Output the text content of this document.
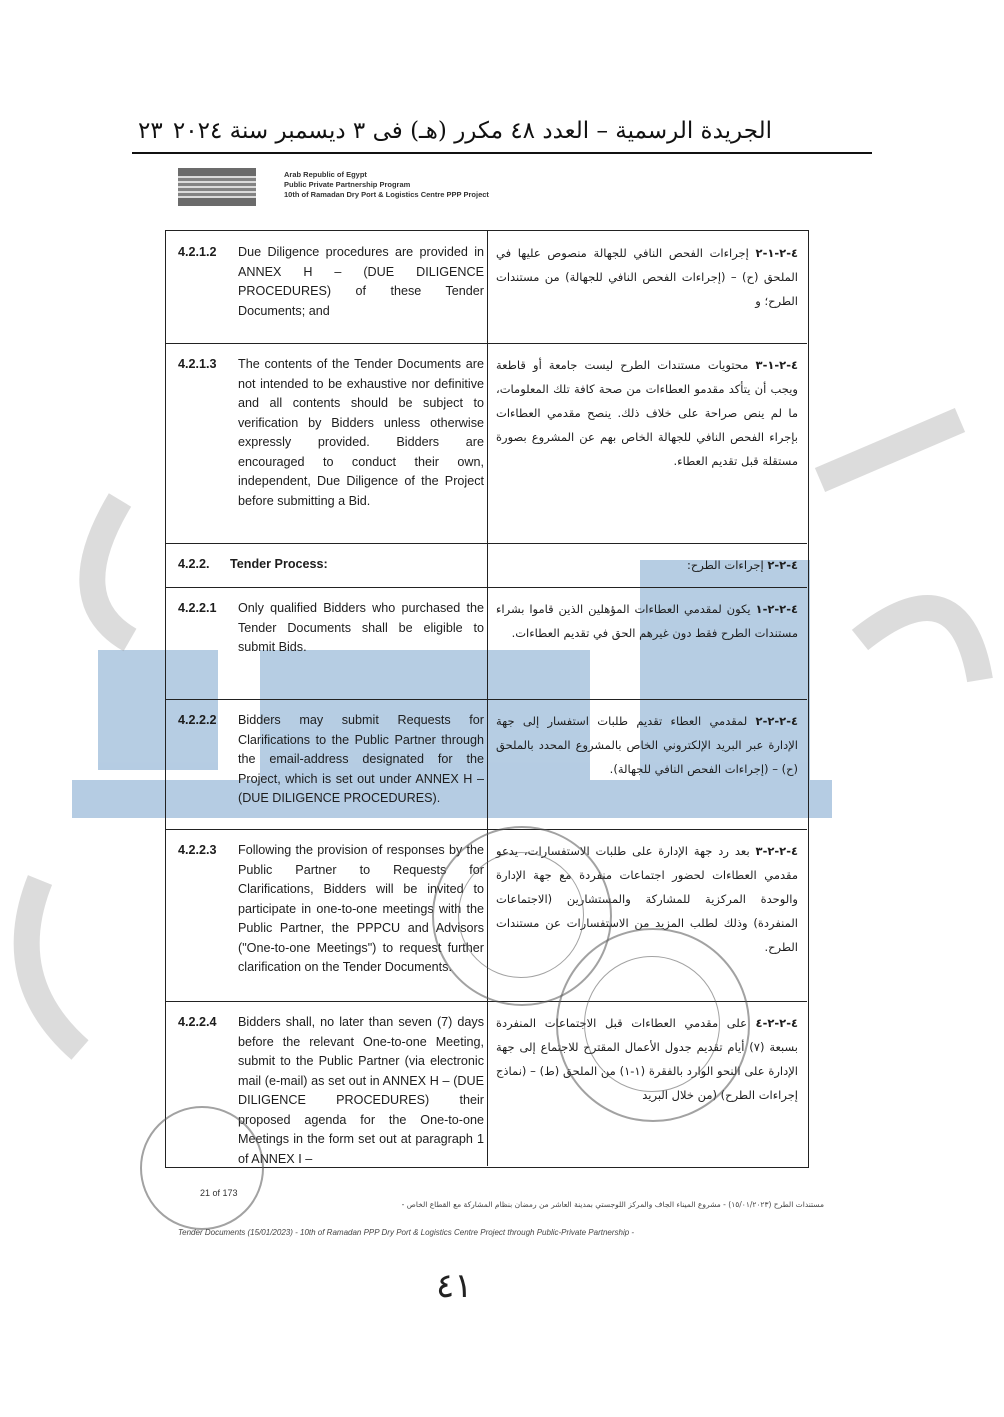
الجريدة الرسمية – العدد ٤٨ مكرر (هـ) فى ٣ ديسمبر سنة ٢٠٢٤
٢٣
Arab Republic of Egypt
Public Private Partnership Program
10th of Ramadan Dry Port & Logistics Centre PPP Project
4.2.1.2 Due Diligence procedures are provided in ANNEX H – (DUE DILIGENCE PROCEDURES) of these Tender Documents; and
٤-٢-١-٢ إجراءات الفحص النافي للجهالة منصوص عليها في الملحق (ح) – (إجراءات الفحص النافي للجهالة) من مستندات الطرح؛ و
4.2.1.3 The contents of the Tender Documents are not intended to be exhaustive nor definitive and all contents should be subject to verification by Bidders unless otherwise expressly provided. Bidders are encouraged to conduct their own, independent, Due Diligence of the Project before submitting a Bid.
٤-٢-١-٣ محتويات مستندات الطرح ليست جامعة أو قاطعة ويجب أن يتأكد مقدمو العطاءات من صحة كافة تلك المعلومات، ما لم ينص صراحة على خلاف ذلك. ينصح مقدمي العطاءات بإجراء الفحص النافي للجهالة الخاص بهم عن المشروع بصورة مستقلة قبل تقديم العطاء.
4.2.2. Tender Process:	٤-٢-٢ إجراءات الطرح:
4.2.2.1 Only qualified Bidders who purchased the Tender Documents shall be eligible to submit Bids.
٤-٢-٢-١ يكون لمقدمي العطاءات المؤهلين الذين قاموا بشراء مستندات الطرح فقط دون غيرهم الحق في تقديم العطاءات.
4.2.2.2 Bidders may submit Requests for Clarifications to the Public Partner through the email-address designated for the Project, which is set out under ANNEX H – (DUE DILIGENCE PROCEDURES).
٤-٢-٢-٢ لمقدمي العطاء تقديم طلبات استفسار إلى جهة الإدارة عبر البريد الإلكتروني الخاص بالمشروع المحدد بالملحق (ح) – (إجراءات الفحص النافي للجهالة).
4.2.2.3 Following the provision of responses by the Public Partner to Requests for Clarifications, Bidders will be invited to participate in one-to-one meetings with the Public Partner, the PPPCU and Advisors ("One-to-one Meetings") to request further clarification on the Tender Documents.
٤-٢-٢-٣ بعد رد جهة الإدارة على طلبات الاستفسارات، يدعو مقدمي العطاءات لحضور اجتماعات منفردة مع جهة الإدارة والوحدة المركزية للمشاركة والمستشارين (الاجتماعات المنفردة) وذلك لطلب المزيد من الاستفسارات عن مستندات الطرح.
4.2.2.4 Bidders shall, no later than seven (7) days before the relevant One-to-one Meeting, submit to the Public Partner (via electronic mail (e-mail) as set out in ANNEX H – (DUE DILIGENCE PROCEDURES) their proposed agenda for the One-to-one Meetings in the form set out at paragraph 1 of ANNEX I –
٤-٢-٢-٤ على مقدمي العطاءات قبل الاجتماعات المنفردة بسبعة (٧) أيام تقديم جدول الأعمال المقترح للاجتماع إلى جهة الإدارة على النحو الوارد بالفقرة (١-١) من الملحق (ط) – (نماذج إجراءات الطرح) (من خلال البريد
21 of 173
مستندات الطرح (١٥/٠١/٢٠٢٣) - مشروع الميناء الجاف والمركز اللوجستي بمدينة العاشر من رمضان بنظام المشاركة مع القطاع الخاص -
Tender Documents (15/01/2023) - 10th of Ramadan PPP Dry Port & Logistics Centre Project through Public-Private Partnership -
٤١
